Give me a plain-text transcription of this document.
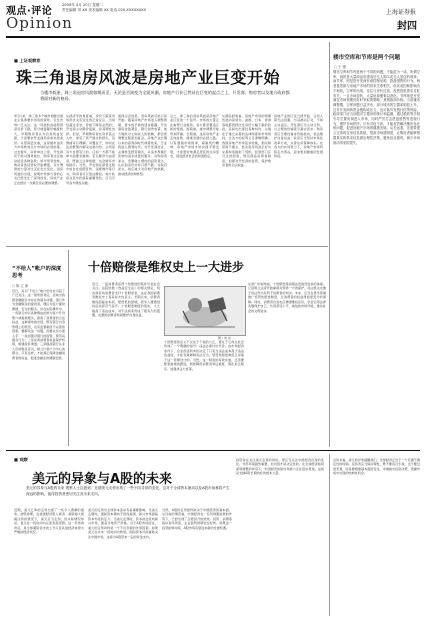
观点·评论
Opinion
2009年 4月 20日 星期二
责任编辑 刘 XX 美术编辑 XX 电话 020-XXXXXXXX	上海证券报
封四
■ 上证观察家
珠三角退房风波是房地产业巨变开始
当楼市低迷，珠三角退房风波如期而至，无论是否演变为全面风潮，房地产行业已然站在巨变的起点之上，开发商、购房者以及地方政府都将面对新的格局。
4月以来，珠三角多个城市相继出现业主集体要求退房的现象，引发市场广泛关注。这一风波的直接原因是房价下跌，部分楼盘降价幅度较大，早期购房者认为自身利益受损，于是要求开发商退房或补偿差价。从更深层次看，这是楼市由卖方市场转向买方市场的必然结果。过去数年，房价单边上涨，开发商处于绝对强势地位，购房者往往被动接受各种条款；如今形势逆转，购房者的话语权开始增强，双方博弈的力量对比正在发生变化。退房风波的出现，说明市场参与者的心态已经发生了深刻改变，房地产业正在经历一次痛苦但必要的调整。
从经济学的角度看，房价下跌是市场供求关系变化的正常反应。当供给超过需求，价格下降是必然的；开发商主动降价促销，是其理性选择。但是，早期购房者在房价高点入市，承受了资产缩水的损失，其情绪可以理解。问题在于，如何在法治框架内解决这类纠纷。合同是双方自愿签订的，任何一方都不能单方面要求撤销。若以降价为由退房，既缺乏法律依据，也会破坏市场秩序。当然，开发商在销售过程中如存在虚假宣传、违规操作等行为，购房者可以依法维权。地方政府在其中扮演着重要角色，应当引导各方理性沟通。
值得注意的是，退房风波可能只是开始。随着房地产市场进入调整周期，更多的矛盾将逐步暴露。开发商资金链紧张、银行信贷收紧、地方财政对土地收入的依赖，都会使调整过程更加复杂。房地产业长期以来的高利润时代或将结束，行业将进入微利时代。对开发商而言，必须转变经营模式，从追求规模扩张转向追求质量和服务；对购房者而言，需要树立理性的投资观念，认识到房价并非只涨不跌；对政府而言，则应减少对房地产的依赖，推动经济结构转型。
总之，珠三角的退房风波是房地产业巨变的一个信号。市场的力量正在重塑行业格局，各方都需要适应新的规则。短期看，楼市调整可能带来阵痛；长期看，这是房地产业走向成熟、健康发展的必经之路。只有遵循市场规律，尊重契约精神，房地产市场才能实现平稳发展，才能更好地满足居民的住房需求，促进经济社会的和谐稳定。
从国际经验看，房地产市场的周期性波动是常态。美国、日本、香港等地都曾经历过房价大幅下跌的阶段，其间也出现过各种纠纷。关键在于建立完善的法律制度和市场规则，让各方的权利义务清晰明确。我国房地产市场起步较晚，相关制度尚不健全，此次退房风波正好为完善制度提供了契机。监管部门应当总结经验，规范商品房预售制度，加强对开发商的监管，保护购房者的合法权益。
房地产业的巨变已经开始，任何人都无法回避。与其被动应对，不如主动适应。开发商应当主动让利，以合理的价格吸引真实需求；购房者应当理性看待价格波动，依法维护自身权益；政府应当坚持市场化改革方向，完善住房保障体系。在各方的共同努力下，房地产市场终将走出低谷，迎来更加健康的发展阶段。
楼市空库和节库是两个问题
○ 王 强
楼市空库和节库是两个不同的问题，不能混为一谈。所谓空库，指的是大量商品房建成后无人购买或无人居住的现象；而节库，则是指开发商有意控制房源、捂盘惜售的行为。两者虽然都与房地产市场的供求关系相关，但其成因和影响各不相同。空库的出现，往往与房价过高、投资投机需求过旺有关，一旦市场逆转，大量房源便难以消化。节库则是开发商在市场预期向好时采取的策略，意图推高价格。当前楼市调整期，空库问题日益突出，部分城市的空置率明显上升，这对开发商的资金链构成压力，也可能引发银行信贷风险。政府部门应当加强对空置房的统计和监测，通过税收等手段引导空置房源进入市场，同时严厉打击捂盘惜售等违规行为，维护市场秩序。只有对症下药，才能有效解决楼市存在的问题，促进房地产市场的健康发展。从长远看，还需要建立完善的住房信息系统，提高市场透明度，让购房者能够根据真实的供求信息做出理性决策，避免盲目跟风，减少市场波动带来的损失。
“不给人”帐户的深度思考
○ 陈 立 新
近日，有关“不给人”帐户的讨论引起了广泛关注。这一现象的背后，反映出我国金融服务中存在的诸多问题。银行作为金融服务的提供者，理应为客户提供便捷、安全的服务，但在实际操作中，一些银行却以各种理由拒绝为客户开设账户或提供服务，损害了消费者的合法权益。这种现象的出现，既有银行自身管理上的原因，也有监管制度不完善的因素。要解决这一问题，需要从多方面入手：一是加强对银行的监管，规范其服务行为；二是完善消费者权益保护机制，畅通投诉渠道；三是提高银行从业人员的服务意识，树立以客户为中心的理念。只有这样，才能真正保障金融消费者的权益，促进金融业的健康发展。
十倍赔偿是维权史上一大进步
图 / 刘 伟
近日，一起消费者获得十倍赔偿的案件引起社会关注。法院依据《食品安全法》的相关规定，判决商家向消费者支付十倍赔偿金，这在我国消费者维权史上具有标志性意义。长期以来，消费者维权面临成本高、赔偿低的困境，很多人遭遇侵权后选择忍气吞声。十倍赔偿制度的落实，大大提高了违法成本，对不法商家形成了强有力的震慑，也激励消费者积极维护自身权益。
十倍赔偿的意义不仅在于个案的公正，更在于它向全社会传递了一个明确的信号：违法必须付出代价。在市场经济条件下，企业的逐利本性决定了只有当违法成本高于违法收益时，才能有效遏制违法行为。惩罚性赔偿制度正是基于这一原理设计的。当然，这一制度的有效实施，还需要配套措施的跟进，例如降低消费者举证难度、简化诉讼程序、加强执法力度等。
从更广的视角看，十倍赔偿是我国法治建设进步的体现。它说明立法者开始重视对弱势一方的保护，司法机关也敢于依法作出有利于消费者的判决。未来，应当在更多领域推广惩罚性赔偿制度，让消费者的权益得到更充分的保障。同时，消费者自身也应增强维权意识，学会运用法律武器保护自己，共同营造公平、诚信的市场环境，推动社会的文明进步。
■ 观察
美元的异象与A股的未来
美元的异象与A股的未来 观察人士注意到，近期美元走势出现了一些不同寻常的变化，这对于全球资本流动以及A股市场都将产生深远的影响，值得投资者密切关注其未来走向。
近期，美元汇率的走势出现了一些令人费解的现象。按照常理，在美国经济陷入衰退、美联储大规模注资的情况下，美元应当走弱；但实际情况却是，美元在一段时间内反而表现坚挺。这一异象的背后，是全球避险需求的上升以及其他经济体更为严峻的经济状况。
美元的走势对全球资本流动有着重要影响。当美元走强时，国际资本倾向于回流美国，新兴市场面临资本外流的压力；当美元走弱时，资本则会流向新兴市场，推高当地资产价格。对于A股市场而言，美元的走势同样是一个不可忽视的外部因素。如果美元在未来一段时间内转弱，国际资本可能重新关注中国市场，这将为A股带来一定的资金支持。
当然，A股的走势最终取决于中国经济的基本面。从目前的情况看，中国经济在一系列刺激政策的作用下，已经出现了企稳回升的迹象。投资、消费等指标有所改善，企业盈利预期也在好转。如果这一趋势能够持续，A股市场有望迎来新的发展机遇。
投资者在关注美元走势的同时，更应当关注中国经济自身的变化。外部环境固然重要，但内因才是决定性的。在全球经济格局深刻调整的背景下，中国经济的韧性和潜力正在逐步显现，这将是支撑A股长期向好的根本力量。
总的来看，美元的异象提醒我们，全球经济正处于一个充满不确定性的时期。投资者应当保持理性，既不要盲目乐观，也不要过度悲观，而是要根据基本面的变化，审慎做出投资决策，把握市场中出现的结构性机会。
